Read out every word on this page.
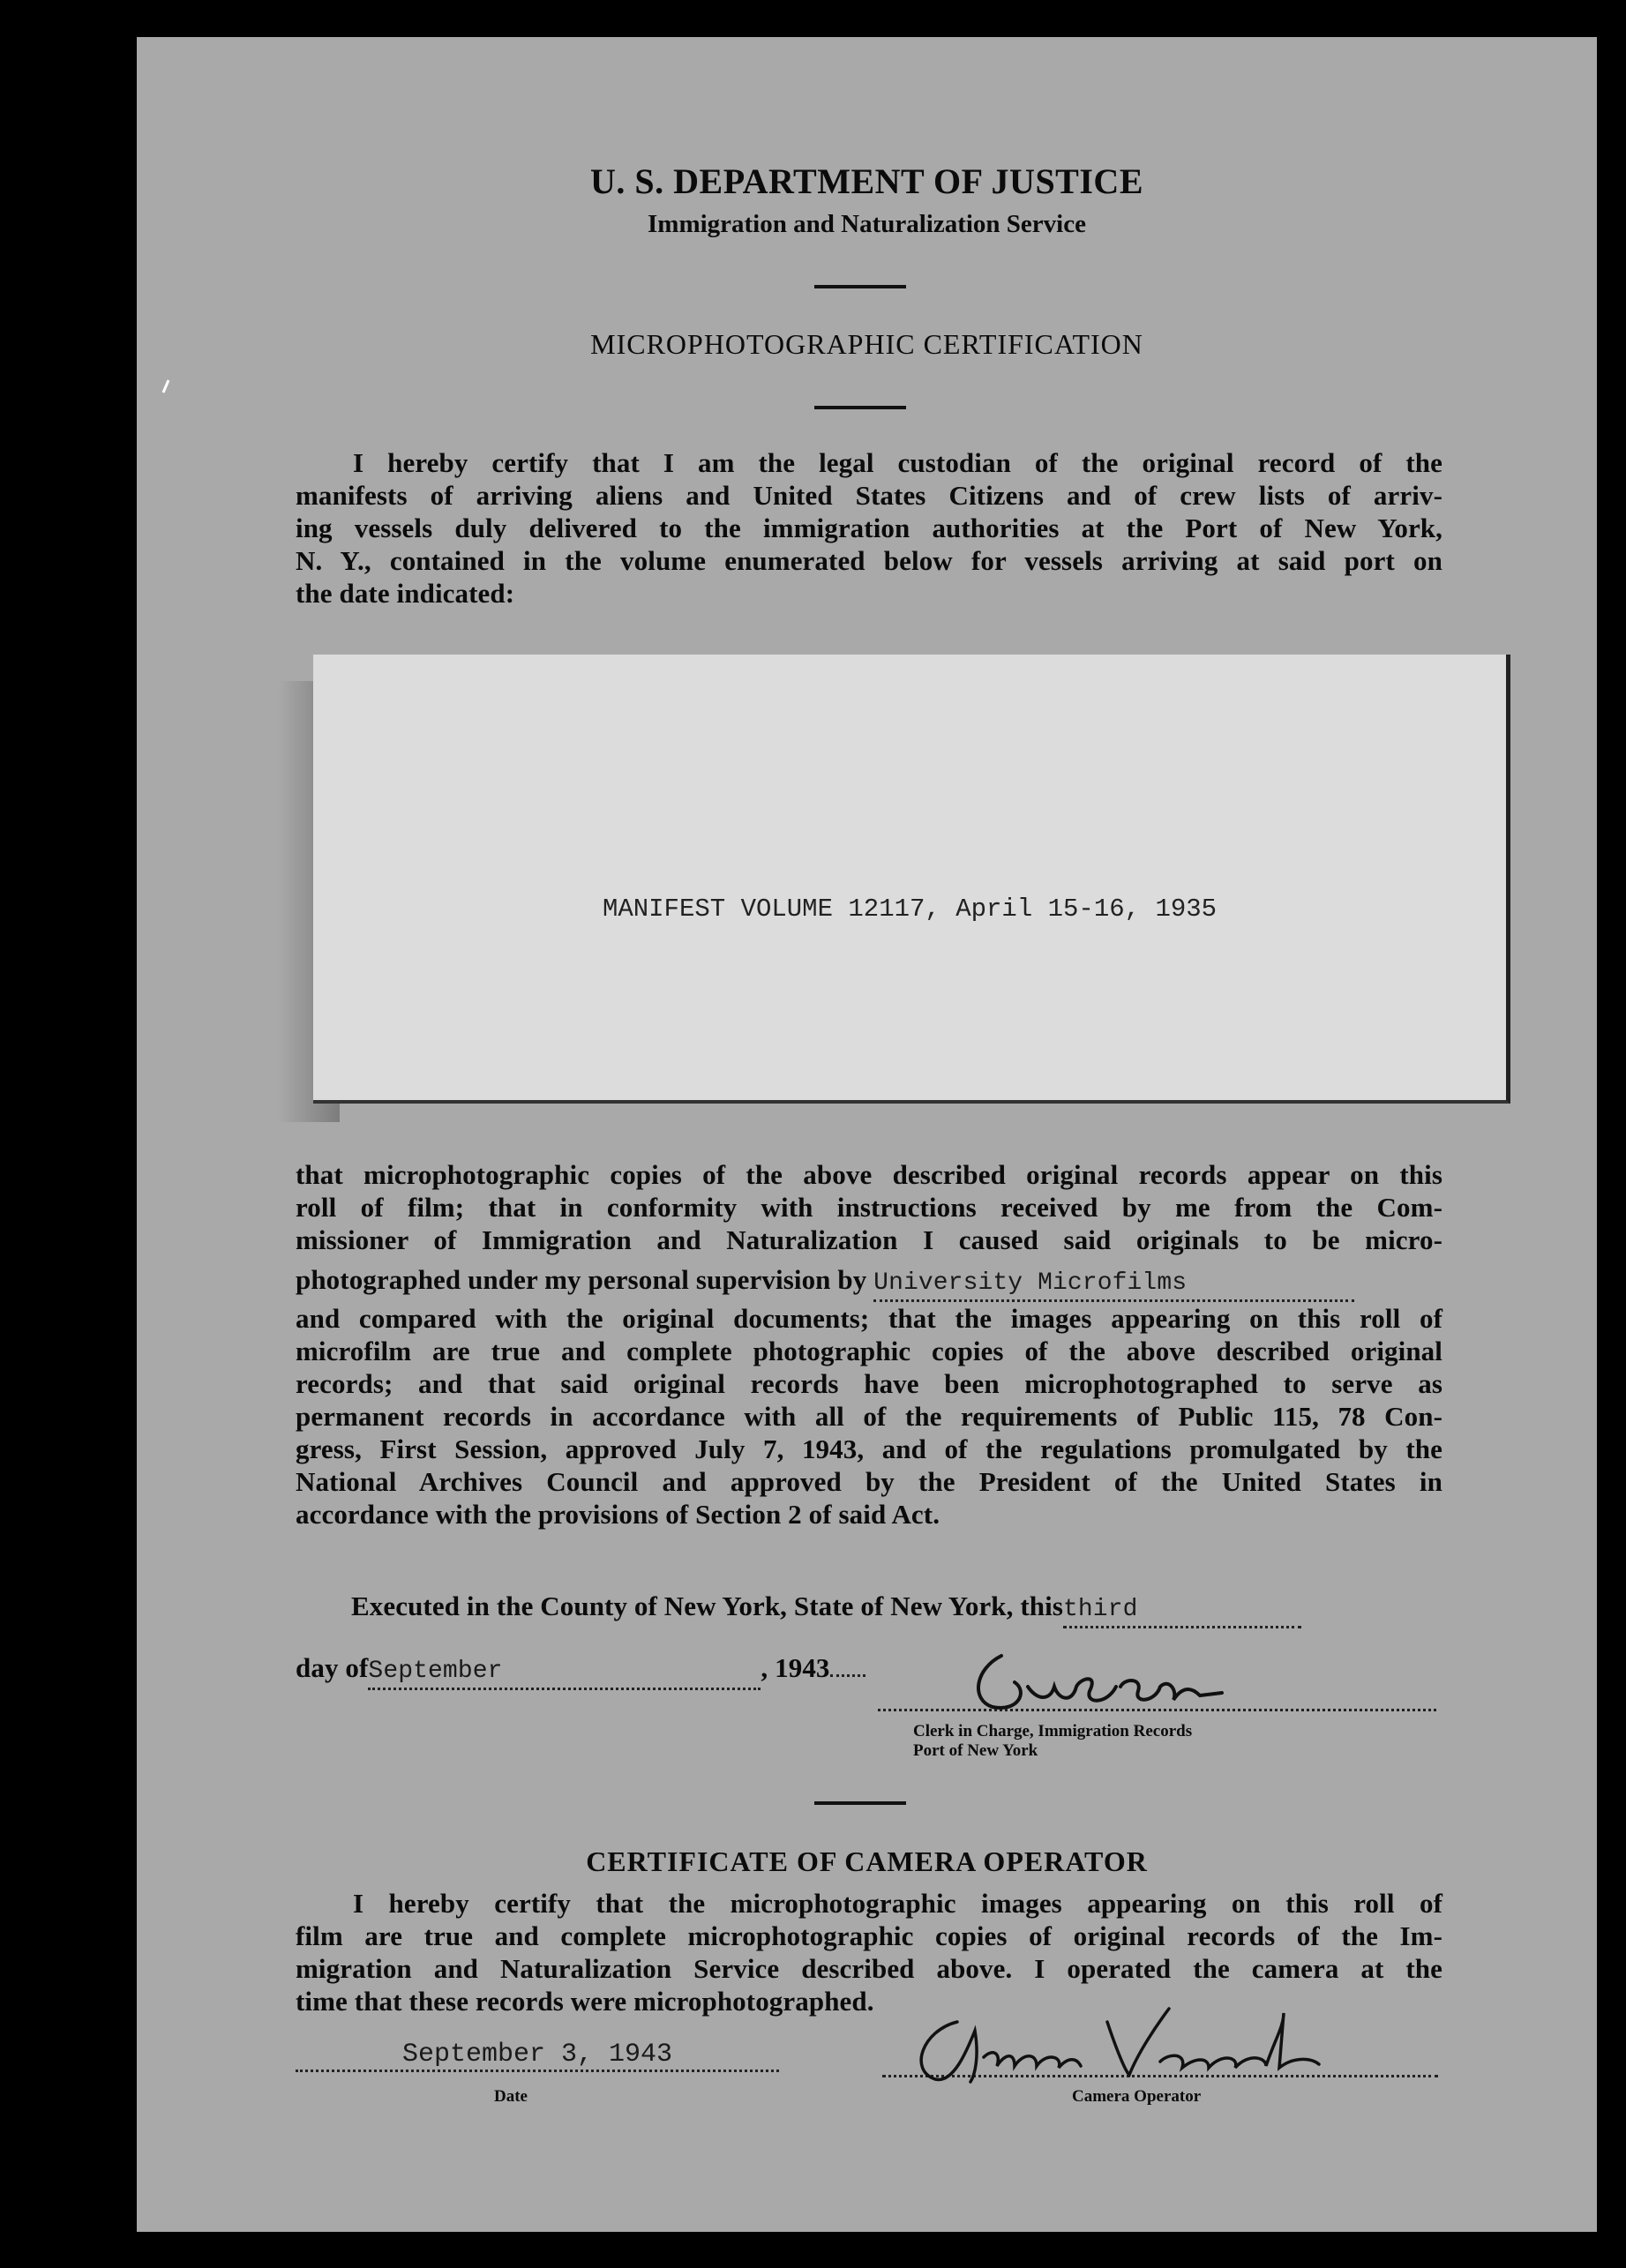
U. S. DEPARTMENT OF JUSTICE
Immigration and Naturalization Service
MICROPHOTOGRAPHIC CERTIFICATION
I hereby certify that I am the legal custodian of the original record of the
manifests of arriving aliens and United States Citizens and of crew lists of arriv-
ing vessels duly delivered to the immigration authorities at the Port of New York,
N. Y., contained in the volume enumerated below for vessels arriving at said port on
the date indicated:
MANIFEST VOLUME 12117, April 15-16, 1935
that microphotographic copies of the above described original records appear on this
roll of film; that in conformity with instructions received by me from the Com-
missioner of Immigration and Naturalization I caused said originals to be micro-
photographed under my personal supervision by University Microfilms
and compared with the original documents; that the images appearing on this roll of
microfilm are true and complete photographic copies of the above described original
records; and that said original records have been microphotographed to serve as
permanent records in accordance with all of the requirements of Public 115, 78 Con-
gress, First Session, approved July 7, 1943, and of the regulations promulgated by the
National Archives Council and approved by the President of the United States in
accordance with the provisions of Section 2 of said Act.
Executed in the County of New York, State of New York, thisthird
day ofSeptember	, 1943
Clerk in Charge, Immigration Records
Port of New York
CERTIFICATE OF CAMERA OPERATOR
I hereby certify that the microphotographic images appearing on this roll of
film are true and complete microphotographic copies of original records of the Im-
migration and Naturalization Service described above. I operated the camera at the
time that these records were microphotographed.
September 3, 1943
Date	Camera Operator
